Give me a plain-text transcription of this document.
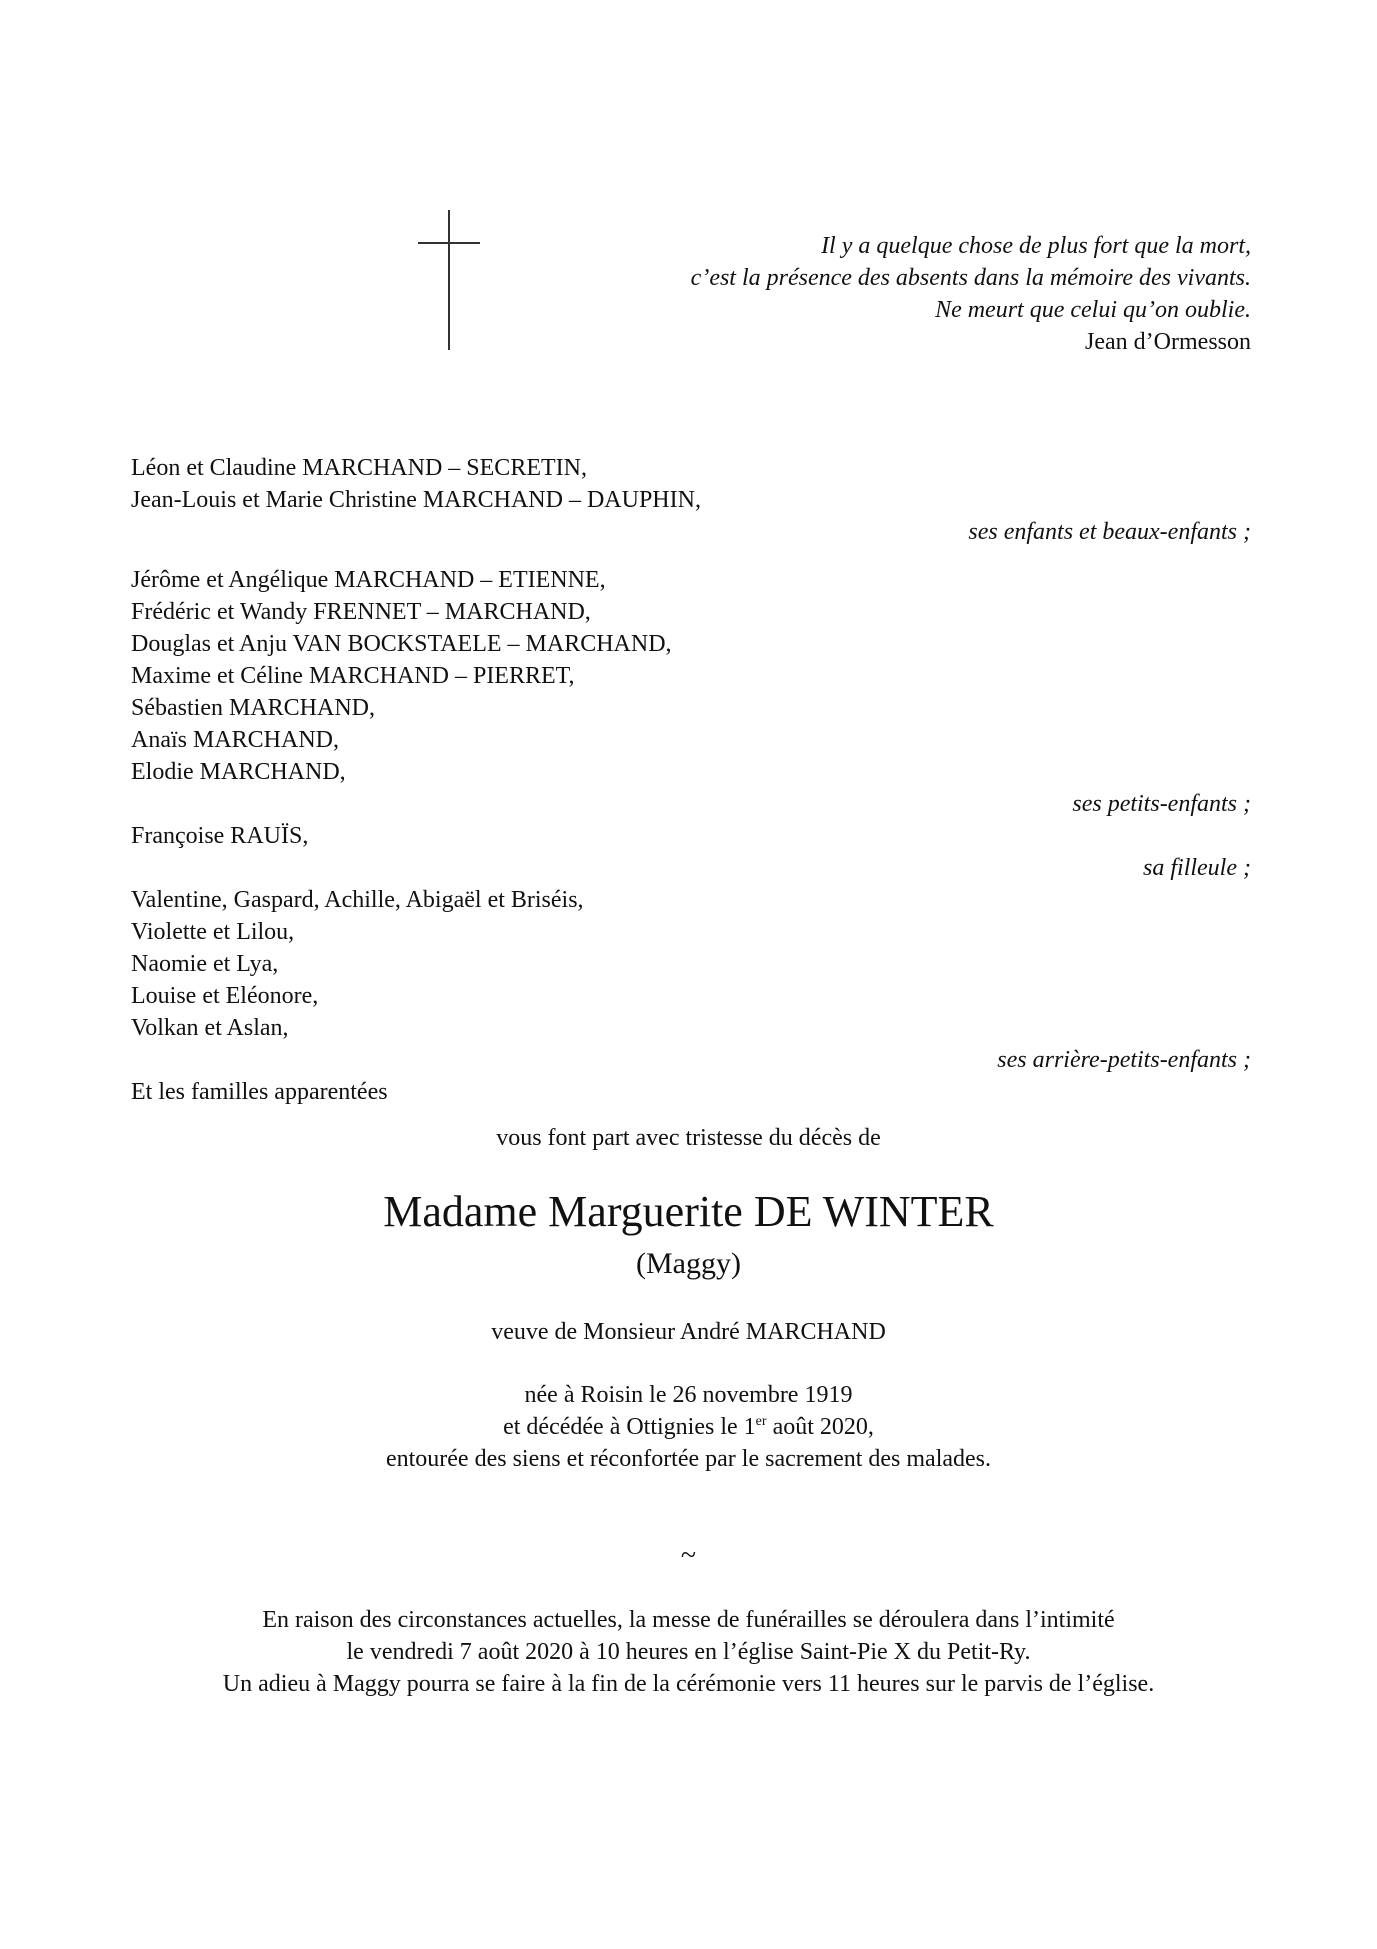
Il y a quelque chose de plus fort que la mort,
c’est la présence des absents dans la mémoire des vivants.
Ne meurt que celui qu’on oublie.
Jean d’Ormesson
Léon et Claudine MARCHAND – SECRETIN,
Jean-Louis et Marie Christine MARCHAND – DAUPHIN,
ses enfants et beaux-enfants ;
Jérôme et Angélique MARCHAND – ETIENNE,
Frédéric et Wandy FRENNET – MARCHAND,
Douglas et Anju VAN BOCKSTAELE – MARCHAND,
Maxime et Céline MARCHAND – PIERRET,
Sébastien MARCHAND,
Anaïs MARCHAND,
Elodie MARCHAND,
ses petits-enfants ;
Françoise RAUÏS,
sa filleule ;
Valentine, Gaspard, Achille, Abigaël et Briséis,
Violette et Lilou,
Naomie et Lya,
Louise et Eléonore,
Volkan et Aslan,
ses arrière-petits-enfants ;
Et les familles apparentées
vous font part avec tristesse du décès de
Madame Marguerite DE WINTER
(Maggy)
veuve de Monsieur André MARCHAND
née à Roisin le 26 novembre 1919
et décédée à Ottignies le 1er août 2020,
entourée des siens et réconfortée par le sacrement des malades.
~
En raison des circonstances actuelles, la messe de funérailles se déroulera dans l’intimité
le vendredi 7 août 2020 à 10 heures en l’église Saint-Pie X du Petit-Ry.
Un adieu à Maggy pourra se faire à la fin de la cérémonie vers 11 heures sur le parvis de l’église.
